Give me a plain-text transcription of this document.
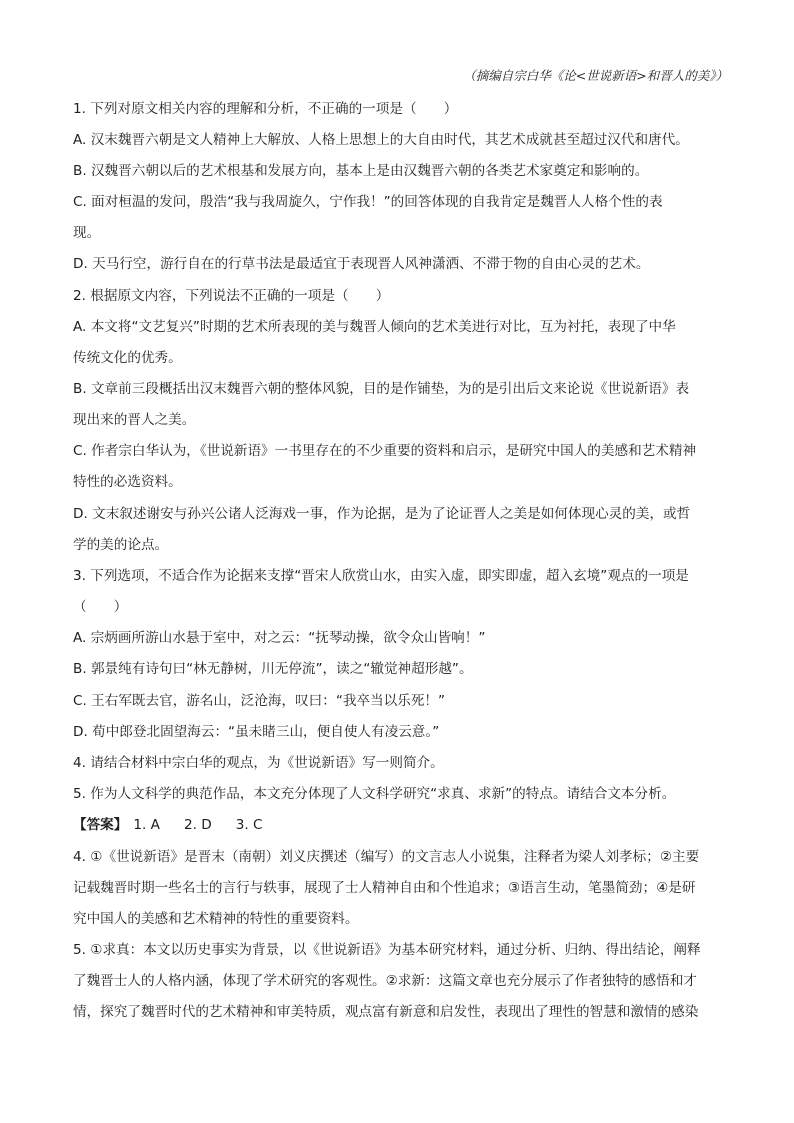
（摘编自宗白华《论<世说新语>和晋人的美》）
1. 下列对原文相关内容的理解和分析，不正确的一项是（　　）
A. 汉末魏晋六朝是文人精神上大解放、人格上思想上的大自由时代，其艺术成就甚至超过汉代和唐代。
B. 汉魏晋六朝以后的艺术根基和发展方向，基本上是由汉魏晋六朝的各类艺术家奠定和影响的。
C. 面对桓温的发问，殷浩“我与我周旋久，宁作我！”的回答体现的自我肯定是魏晋人人格个性的表
现。
D. 天马行空，游行自在的行草书法是最适宜于表现晋人风神潇洒、不滞于物的自由心灵的艺术。
2. 根据原文内容，下列说法不正确的一项是（　　）
A. 本文将“文艺复兴”时期的艺术所表现的美与魏晋人倾向的艺术美进行对比，互为衬托，表现了中华
传统文化的优秀。
B. 文章前三段概括出汉末魏晋六朝的整体风貌，目的是作铺垫，为的是引出后文来论说《世说新语》表
现出来的晋人之美。
C. 作者宗白华认为，《世说新语》一书里存在的不少重要的资料和启示，是研究中国人的美感和艺术精神
特性的必选资料。
D. 文末叙述谢安与孙兴公诸人泛海戏一事，作为论据，是为了论证晋人之美是如何体现心灵的美，或哲
学的美的论点。
3. 下列选项，不适合作为论据来支撑“晋宋人欣赏山水，由实入虚，即实即虚，超入玄境”观点的一项是
（　　）
A. 宗炳画所游山水悬于室中，对之云：“抚琴动操，欲令众山皆响！”
B. 郭景纯有诗句曰“林无静树，川无停流”，读之“辙觉神超形越”。
C. 王右军既去官，游名山，泛沧海，叹曰：“我卒当以乐死！”
D. 荀中郎登北固望海云：“虽未睹三山，便自使人有凌云意。”
4. 请结合材料中宗白华的观点，为《世说新语》写一则简介。
5. 作为人文科学的典范作品，本文充分体现了人文科学研究“求真、求新”的特点。请结合文本分析。
【答案】 1. A 2. D 3. C
4. ①《世说新语》是晋末（南朝）刘义庆撰述（编写）的文言志人小说集，注释者为梁人刘孝标；②主要
记载魏晋时期一些名士的言行与轶事，展现了士人精神自由和个性追求；③语言生动，笔墨简劲；④是研
究中国人的美感和艺术精神的特性的重要资料。
5. ①求真：本文以历史事实为背景，以《世说新语》为基本研究材料，通过分析、归纳、得出结论，阐释
了魏晋士人的人格内涵，体现了学术研究的客观性。②求新：这篇文章也充分展示了作者独特的感悟和才
情，探究了魏晋时代的艺术精神和审美特质，观点富有新意和启发性，表现出了理性的智慧和激情的感染
